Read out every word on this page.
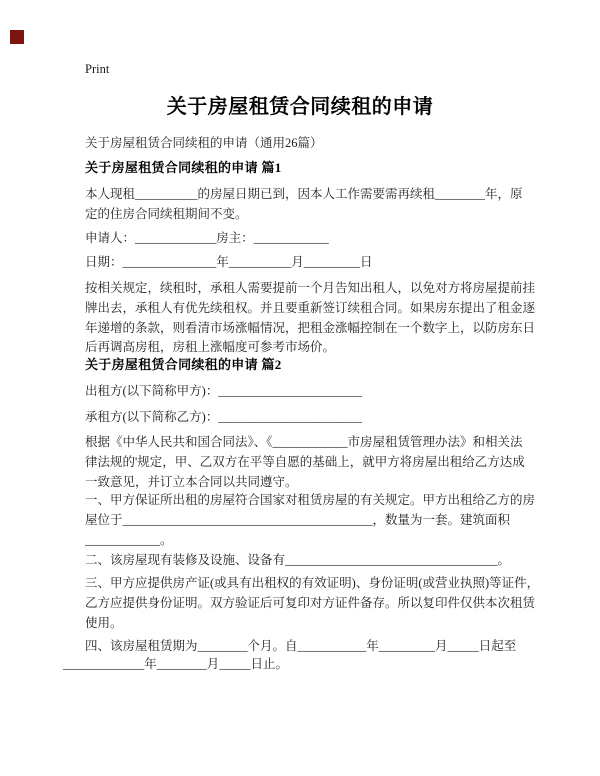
Print
关于房屋租赁合同续租的申请
关于房屋租赁合同续租的申请（通用26篇）
关于房屋租赁合同续租的申请 篇1
本人现租__________的房屋日期已到，因本人工作需要需再续租________年，原
定的住房合同续租期间不变。
申请人：_____________房主：____________
日期：_______________年__________月_________日
按相关规定，续租时，承租人需要提前一个月告知出租人，以免对方将房屋提前挂
牌出去，承租人有优先续租权。并且要重新签订续租合同。如果房东提出了租金逐
年递增的条款，则看清市场涨幅情况，把租金涨幅控制在一个数字上，以防房东日
后再调高房租，房租上涨幅度可参考市场价。
关于房屋租赁合同续租的申请 篇2
出租方(以下简称甲方)：_______________________
承租方(以下简称乙方)：_______________________
根据《中华人民共和国合同法》、《____________市房屋租赁管理办法》和相关法
律法规的'规定，甲、乙双方在平等自愿的基础上，就甲方将房屋出租给乙方达成
一致意见，并订立本合同以共同遵守。
一、甲方保证所出租的房屋符合国家对租赁房屋的有关规定。甲方出租给乙方的房
屋位于________________________________________，数量为一套。建筑面积
____________。
二、该房屋现有装修及设施、设备有__________________________________。
三、甲方应提供房产证(或具有出租权的有效证明)、身份证明(或营业执照)等证件，
乙方应提供身份证明。双方验证后可复印对方证件备存。所以复印件仅供本次租赁
使用。
四、该房屋租赁期为________个月。自___________年_________月_____日起至
_____________年________月_____日止。
